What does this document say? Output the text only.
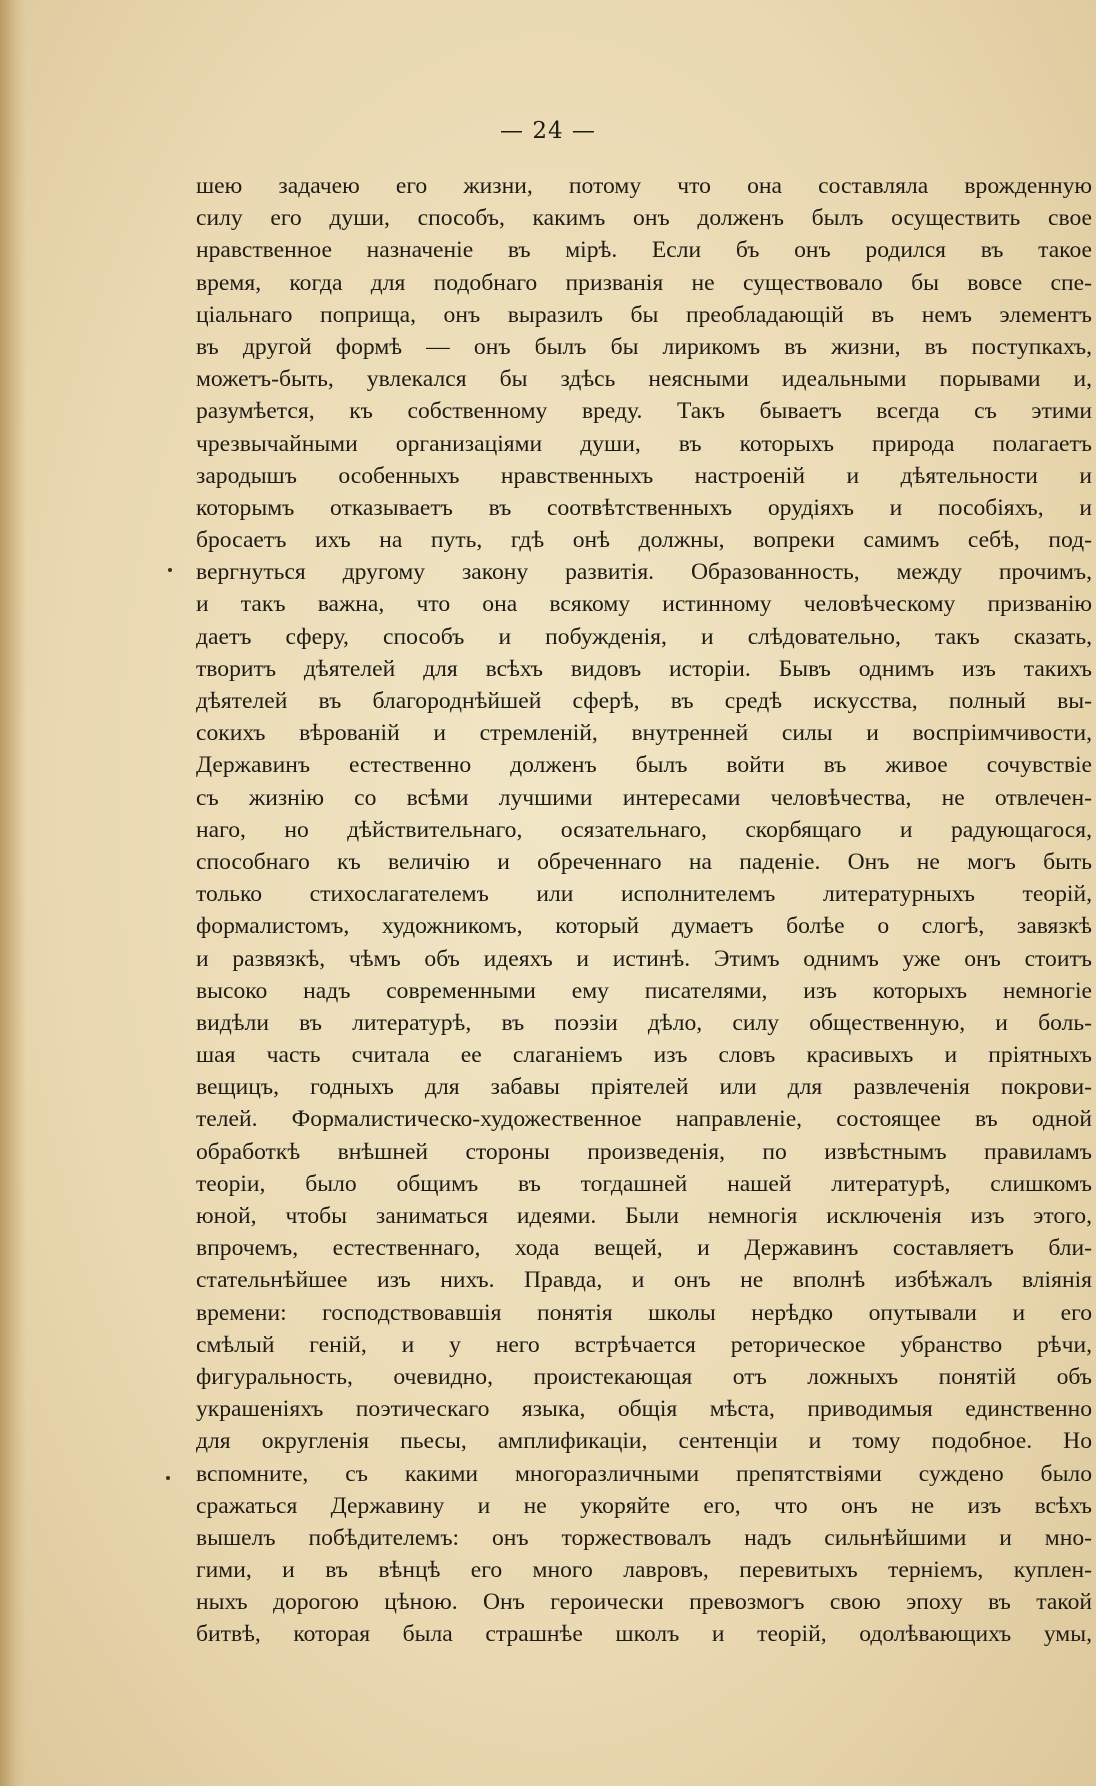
— 24 —
шею задачею его жизни, потому что она составляла врожденную
силу его души, способъ, какимъ онъ долженъ былъ осуществить свое
нравственное назначеніе въ мірѣ. Если бъ онъ родился въ такое
время, когда для подобнаго призванія не существовало бы вовсе спе-
ціальнаго поприща, онъ выразилъ бы преобладающій въ немъ элементъ
въ другой формѣ — онъ былъ бы лирикомъ въ жизни, въ поступкахъ,
можетъ-быть, увлекался бы здѣсь неясными идеальными порывами и,
разумѣется, къ собственному вреду. Такъ бываетъ всегда съ этими
чрезвычайными организаціями души, въ которыхъ природа полагаетъ
зародышъ особенныхъ нравственныхъ настроеній и дѣятельности и
которымъ отказываетъ въ соотвѣтственныхъ орудіяхъ и пособіяхъ, и
бросаетъ ихъ на путь, гдѣ онѣ должны, вопреки самимъ себѣ, под-
вергнуться другому закону развитія. Образованность, между прочимъ,
и такъ важна, что она всякому истинному человѣческому призванію
даетъ сферу, способъ и побужденія, и слѣдовательно, такъ сказать,
творитъ дѣятелей для всѣхъ видовъ исторіи. Бывъ однимъ изъ такихъ
дѣятелей въ благороднѣйшей сферѣ, въ средѣ искусства, полный вы-
сокихъ вѣрованій и стремленій, внутренней силы и воспріимчивости,
Державинъ естественно долженъ былъ войти въ живое сочувствіе
съ жизнію со всѣми лучшими интересами человѣчества, не отвлечен-
наго, но дѣйствительнаго, осязательнаго, скорбящаго и радующагося,
способнаго къ величію и обреченнаго на паденіе. Онъ не могъ быть
только стихослагателемъ или исполнителемъ литературныхъ теорій,
формалистомъ, художникомъ, который думаетъ болѣе о слогѣ, завязкѣ
и развязкѣ, чѣмъ объ идеяхъ и истинѣ. Этимъ однимъ уже онъ стоитъ
высоко надъ современными ему писателями, изъ которыхъ немногіе
видѣли въ литературѣ, въ поэзіи дѣло, силу общественную, и боль-
шая часть считала ее слаганіемъ изъ словъ красивыхъ и пріятныхъ
вещицъ, годныхъ для забавы пріятелей или для развлеченія покрови-
телей. Формалистическо-художественное направленіе, состоящее въ одной
обработкѣ внѣшней стороны произведенія, по извѣстнымъ правиламъ
теоріи, было общимъ въ тогдашней нашей литературѣ, слишкомъ
юной, чтобы заниматься идеями. Были немногія исключенія изъ этого,
впрочемъ, естественнаго, хода вещей, и Державинъ составляетъ бли-
стательнѣйшее изъ нихъ. Правда, и онъ не вполнѣ избѣжалъ вліянія
времени: господствовавшія понятія школы нерѣдко опутывали и его
смѣлый геній, и у него встрѣчается реторическое убранство рѣчи,
фигуральность, очевидно, проистекающая отъ ложныхъ понятій объ
украшеніяхъ поэтическаго языка, общія мѣста, приводимыя единственно
для округленія пьесы, амплификаціи, сентенціи и тому подобное. Но
вспомните, съ какими многоразличными препятствіями суждено было
сражаться Державину и не укоряйте его, что онъ не изъ всѣхъ
вышелъ побѣдителемъ: онъ торжествовалъ надъ сильнѣйшими и мно-
гими, и въ вѣнцѣ его много лавровъ, перевитыхъ терніемъ, куплен-
ныхъ дорогою цѣною. Онъ героически превозмогъ свою эпоху въ такой
битвѣ, которая была страшнѣе школъ и теорій, одолѣвающихъ умы,
